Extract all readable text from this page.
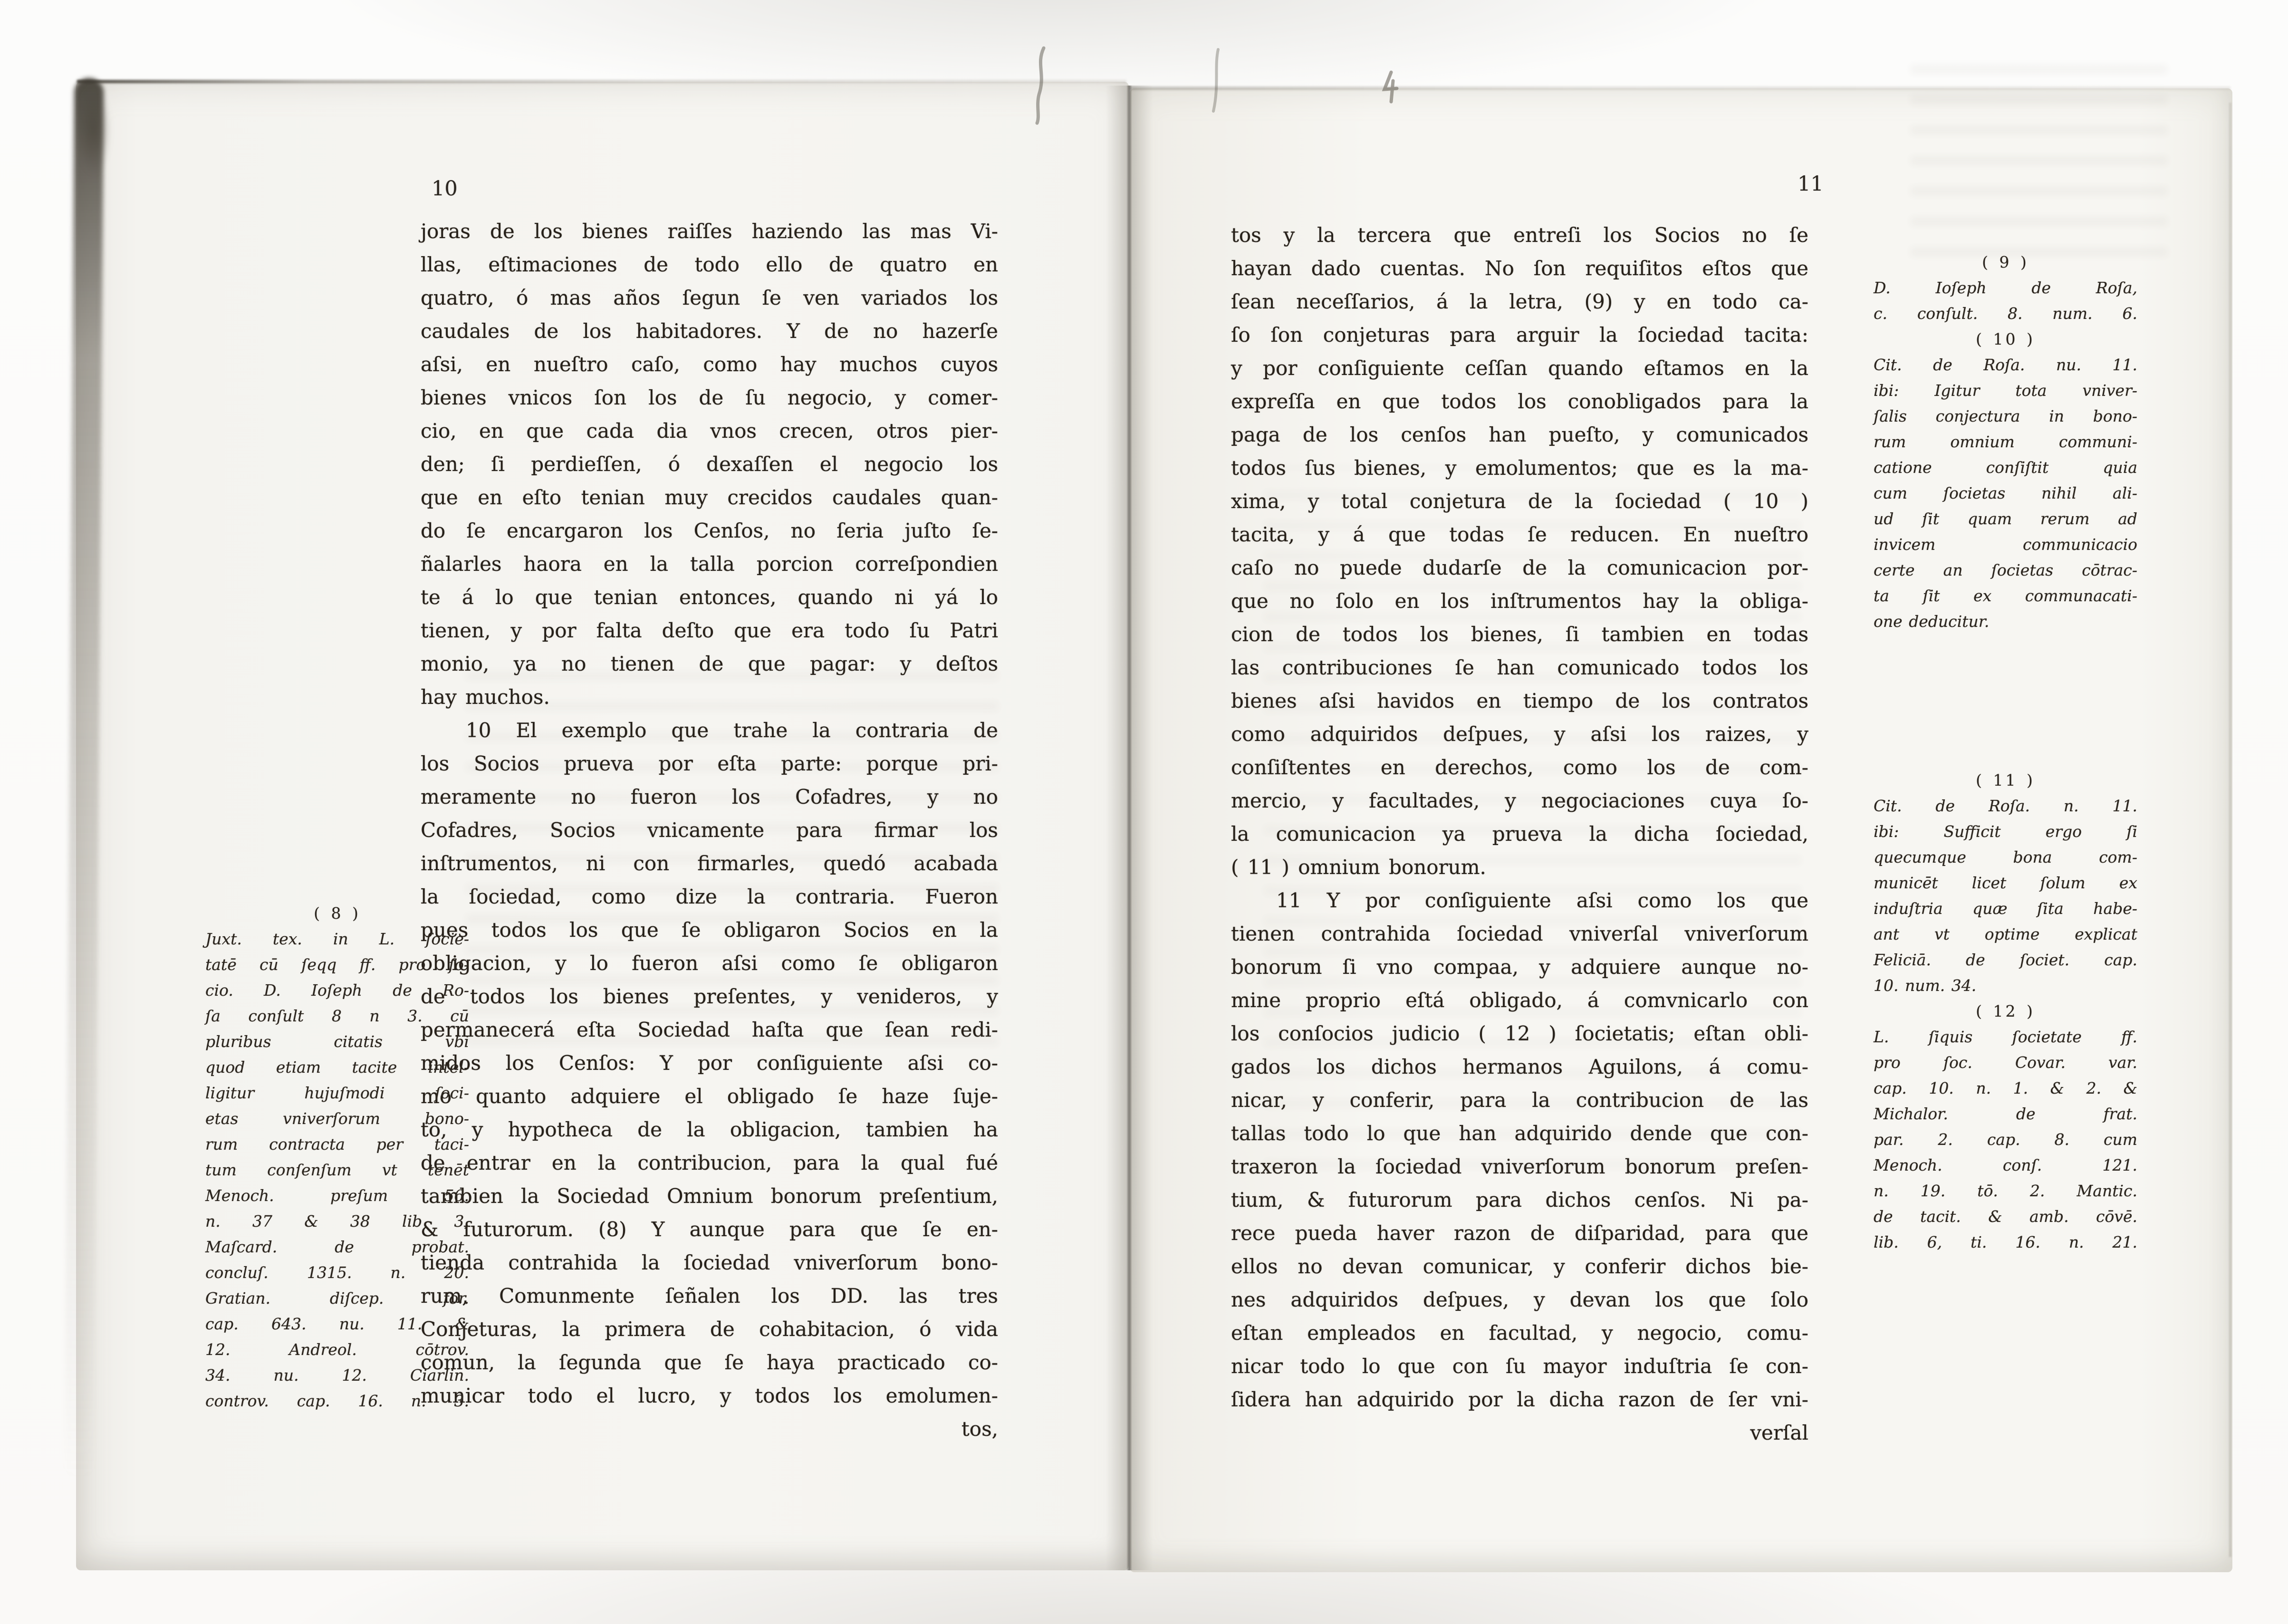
10
joras de los bienes raiſſes haziendo las mas Vi-
llas, eſtimaciones de todo ello de quatro en
quatro, ó mas años ſegun ſe ven variados los
caudales de los habitadores. Y de no hazerſe
aſsi, en nueſtro caſo, como hay muchos cuyos
bienes vnicos ſon los de ſu negocio, y comer-
cio, en que cada dia vnos crecen, otros pier-
den; ſi perdieſſen, ó dexaſſen el negocio los
que en eſto tenian muy crecidos caudales quan-
do ſe encargaron los Cenſos, no ſeria juſto ſe-
ñalarles haora en la talla porcion correſpondien
te á lo que tenian entonces, quando ni yá lo
tienen, y por falta deſto que era todo ſu Patri
monio, ya no tienen de que pagar: y deſtos
hay muchos.
10 El exemplo que trahe la contraria de
los Socios prueva por eſta parte: porque pri-
meramente no fueron los Cofadres, y no
Cofadres, Socios vnicamente para firmar los
inſtrumentos, ni con firmarles, quedó acabada
la ſociedad, como dize la contraria. Fueron
pues todos los que ſe obligaron Socios en la
obligacion, y lo fueron aſsi como ſe obligaron
de todos los bienes preſentes, y venideros, y
permanecerá eſta Sociedad haſta que ſean redi-
midos los Cenſos: Y por conſiguiente aſsi co-
mo quanto adquiere el obligado ſe haze ſuje-
to, y hypotheca de la obligacion, tambien ha
de entrar en la contribucion, para la qual fué
tambien la Sociedad Omnium bonorum preſentium,
& futurorum. (8) Y aunque para que ſe en-
tienda contrahida la ſociedad vniverſorum bono-
rum, Comunmente ſeñalen los DD. las tres
Conjeturas, la primera de cohabitacion, ó vida
comun, la ſegunda que ſe haya practicado co-
municar todo el lucro, y todos los emolumen-
tos,
( 8 )
Juxt. tex. in L. ſocie-
tatē cū ſeqq ff. pro ſo-
cio. D. Ioſeph de Ro-
ſa conſult 8 n 3. cū
pluribus citatis vbi
quod etiam tacite intel-
ligitur hujuſmodi ſoci-
etas vniverſorum bono-
rum contracta per taci-
tum conſenſum vt tenēt
Menoch. preſum 56.
n. 37 & 38 lib 3,
Maſcard. de probat.
concluſ. 1315. n. 20.
Gratian. diſcep. for.
cap. 643. nu. 11. &
12. Andreol. cōtrov.
34. nu. 12. Ciarlin.
controv. cap. 16. n. 3.
11
tos y la tercera que entreſi los Socios no ſe
hayan dado cuentas. No ſon requiſitos eſtos que
ſean neceſſarios, á la letra, (9) y en todo ca-
ſo ſon conjeturas para arguir la ſociedad tacita:
y por conſiguiente ceſſan quando eſtamos en la
expreſſa en que todos los conobligados para la
paga de los cenſos han pueſto, y comunicados
todos ſus bienes, y emolumentos; que es la ma-
xima, y total conjetura de la ſociedad ( 10 )
tacita, y á que todas ſe reducen. En nueſtro
caſo no puede dudarſe de la comunicacion por-
que no ſolo en los inſtrumentos hay la obliga-
cion de todos los bienes, ſi tambien en todas
las contribuciones ſe han comunicado todos los
bienes aſsi havidos en tiempo de los contratos
como adquiridos deſpues, y aſsi los raizes, y
conſiſtentes en derechos, como los de com-
mercio, y facultades, y negociaciones cuya ſo-
la comunicacion ya prueva la dicha ſociedad,
( 11 ) omnium bonorum.
11 Y por conſiguiente aſsi como los que
tienen contrahida ſociedad vniverſal vniverſorum
bonorum ſi vno compaa, y adquiere aunque no-
mine proprio eſtá obligado, á comvnicarlo con
los conſocios judicio ( 12 ) ſocietatis; eſtan obli-
gados los dichos hermanos Aguilons, á comu-
nicar, y conferir, para la contribucion de las
tallas todo lo que han adquirido dende que con-
traxeron la ſociedad vniverſorum bonorum preſen-
tium, & futurorum para dichos cenſos. Ni pa-
rece pueda haver razon de diſparidad, para que
ellos no devan comunicar, y conferir dichos bie-
nes adquiridos deſpues, y devan los que ſolo
eſtan empleados en facultad, y negocio, comu-
nicar todo lo que con ſu mayor induſtria ſe con-
ſidera han adquirido por la dicha razon de ſer vni-
verſal
( 9 )
D. Ioſeph de Roſa,
c. conſult. 8. num. 6.
( 10 )
Cit. de Roſa. nu. 11.
ibi: Igitur tota vniver-
ſalis conjectura in bono-
rum omnium communi-
catione conſiſtit quia
cum ſocietas nihil ali-
ud ſit quam rerum ad
invicem communicacio
certe an ſocietas cōtrac-
ta ſit ex communacati-
one deducitur.
( 11 )
Cit. de Roſa. n. 11.
ibi: Sufficit ergo ſi
quecumque bona com-
municēt licet ſolum ex
induſtria quæ ſita habe-
ant vt optime explicat
Feliciā. de ſociet. cap.
10. num. 34.
( 12 )
L. ſiquis ſocietate ff.
pro ſoc. Covar. var.
cap. 10. n. 1. & 2. &
Michalor. de frat.
par. 2. cap. 8. cum
Menoch. conſ. 121.
n. 19. tō. 2. Mantic.
de tacit. & amb. cōvē.
lib. 6, ti. 16. n. 21.
